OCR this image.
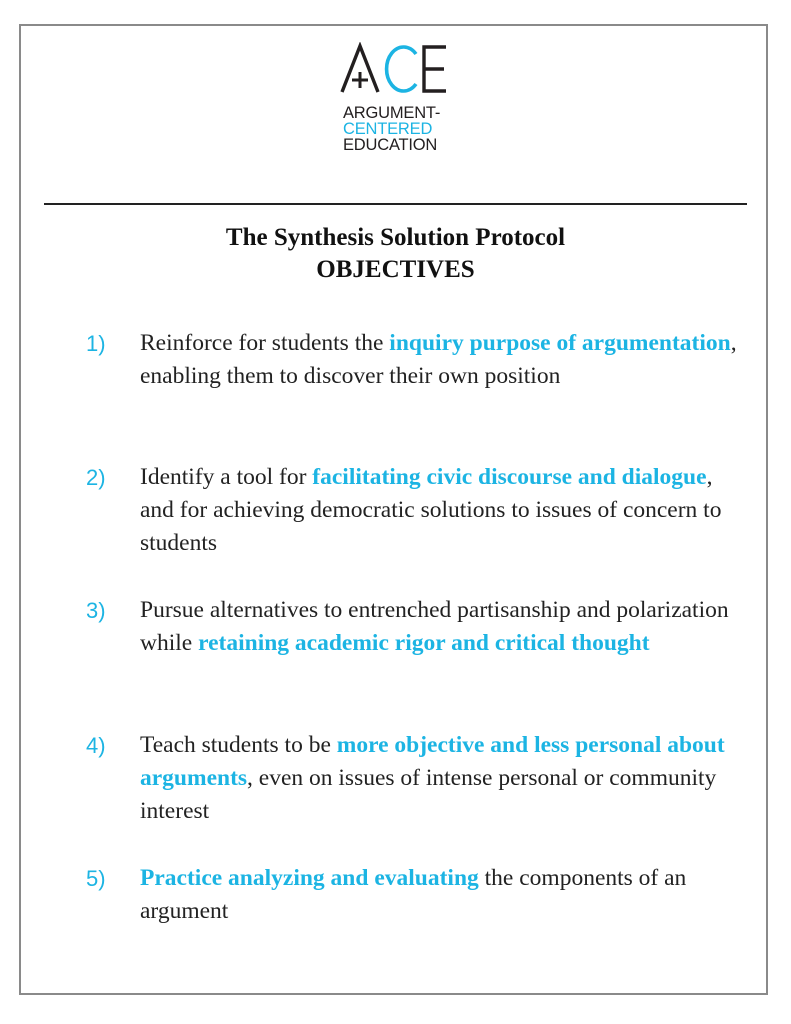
ARGUMENT-
CENTERED
EDUCATION
The Synthesis Solution Protocol
OBJECTIVES
1) Reinforce for students the inquiry purpose of argumentation, enabling them to discover their own position
2) Identify a tool for facilitating civic discourse and dialogue, and for achieving democratic solutions to issues of concern to students
3) Pursue alternatives to entrenched partisanship and polarization while retaining academic rigor and critical thought
4) Teach students to be more objective and less personal about arguments, even on issues of intense personal or community interest
5) Practice analyzing and evaluating the components of an argument
